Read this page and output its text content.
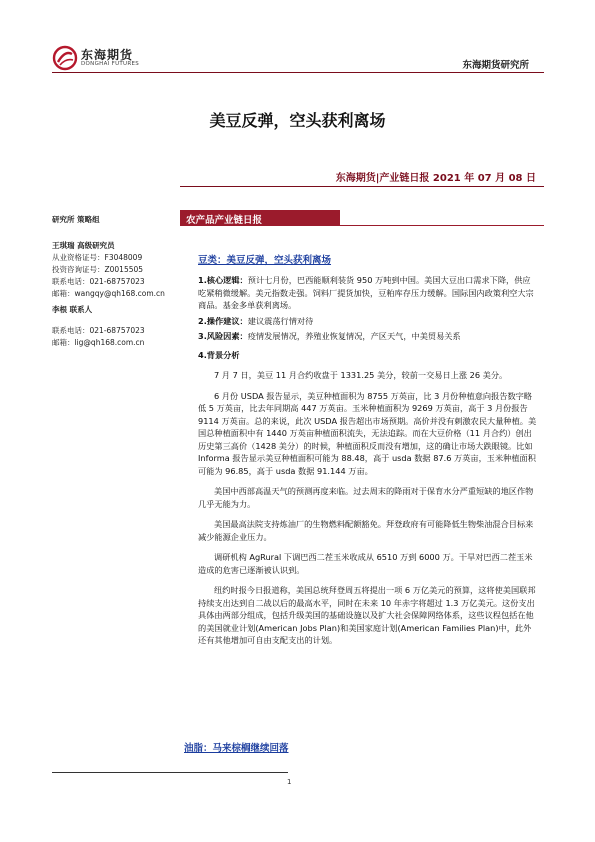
东海期货
DONGHAI FUTURES	东海期货研究所
美豆反弹，空头获利离场
东海期货|产业链日报 2021 年 07 月 08 日
研究所 策略组
王琪瑞 高级研究员
从业资格证号：F3048009
投资咨询证号：Z0015505
联系电话：021-68757023
邮箱：wangqy@qh168.com.cn
李根 联系人
联系电话：021-68757023
邮箱：lig@qh168.com.cn
农产品产业链日报
豆类：美豆反弹，空头获利离场

1.核心逻辑：预计七月份，巴西能顺利装货 950 万吨到中国。美国大豆出口需求下降，供应吃紧稍微缓解。美元指数走强。饲料厂提货加快，豆粕库存压力缓解。国际国内政策利空大宗商品。基金多单获利离场。

2.操作建议：建议震荡行情对待

3.风险因素：疫情发展情况，养殖业恢复情况，产区天气，中美贸易关系

4.背景分析

7 月 7 日，美豆 11 月合约收盘于 1331.25 美分，较前一交易日上涨 26 美分。

6 月份 USDA 报告显示，美豆种植面积为 8755 万英亩，比 3 月份种植意向报告数字略低 5 万英亩，比去年同期高 447 万英亩。玉米种植面积为 9269 万英亩，高于 3 月份报告 9114 万英亩。总的来说，此次 USDA 报告超出市场预期。高价并没有刺激农民大量种植。美国总种植面积中有 1440 万英亩种植面积流失，无法追踪。而在大豆价格（11 月合约）创出历史第三高价（1428 美分）的时候，种植面积反而没有增加，这的确让市场大跌眼镜。比如 Informa 报告显示美豆种植面积可能为 88.48，高于 usda 数据 87.6 万英亩，玉米种植面积可能为 96.85，高于 usda 数据 91.144 万亩。

美国中西部高温天气的预测再度来临。过去周末的降雨对于保育水分严重短缺的地区作物几乎无能为力。

美国最高法院支持炼油厂的生物燃料配额豁免。拜登政府有可能降低生物柴油混合目标来减少能源企业压力。

调研机构 AgRural 下调巴西二茬玉米收成从 6510 万到 6000 万。干旱对巴西二茬玉米造成的危害已逐渐被认识到。

纽约时报今日报道称，美国总统拜登周五将提出一项 6 万亿美元的预算，这将使美国联邦持续支出达到自二战以后的最高水平，同时在未来 10 年赤字将超过 1.3 万亿美元。这份支出具体由两部分组成，包括升级美国的基础设施以及扩大社会保障网络体系，这些议程包括在他的美国就业计划(American Jobs Plan)和美国家庭计划(American Families Plan)中，此外还有其他增加可自由支配支出的计划。

油脂：马来棕榈继续回落
1
